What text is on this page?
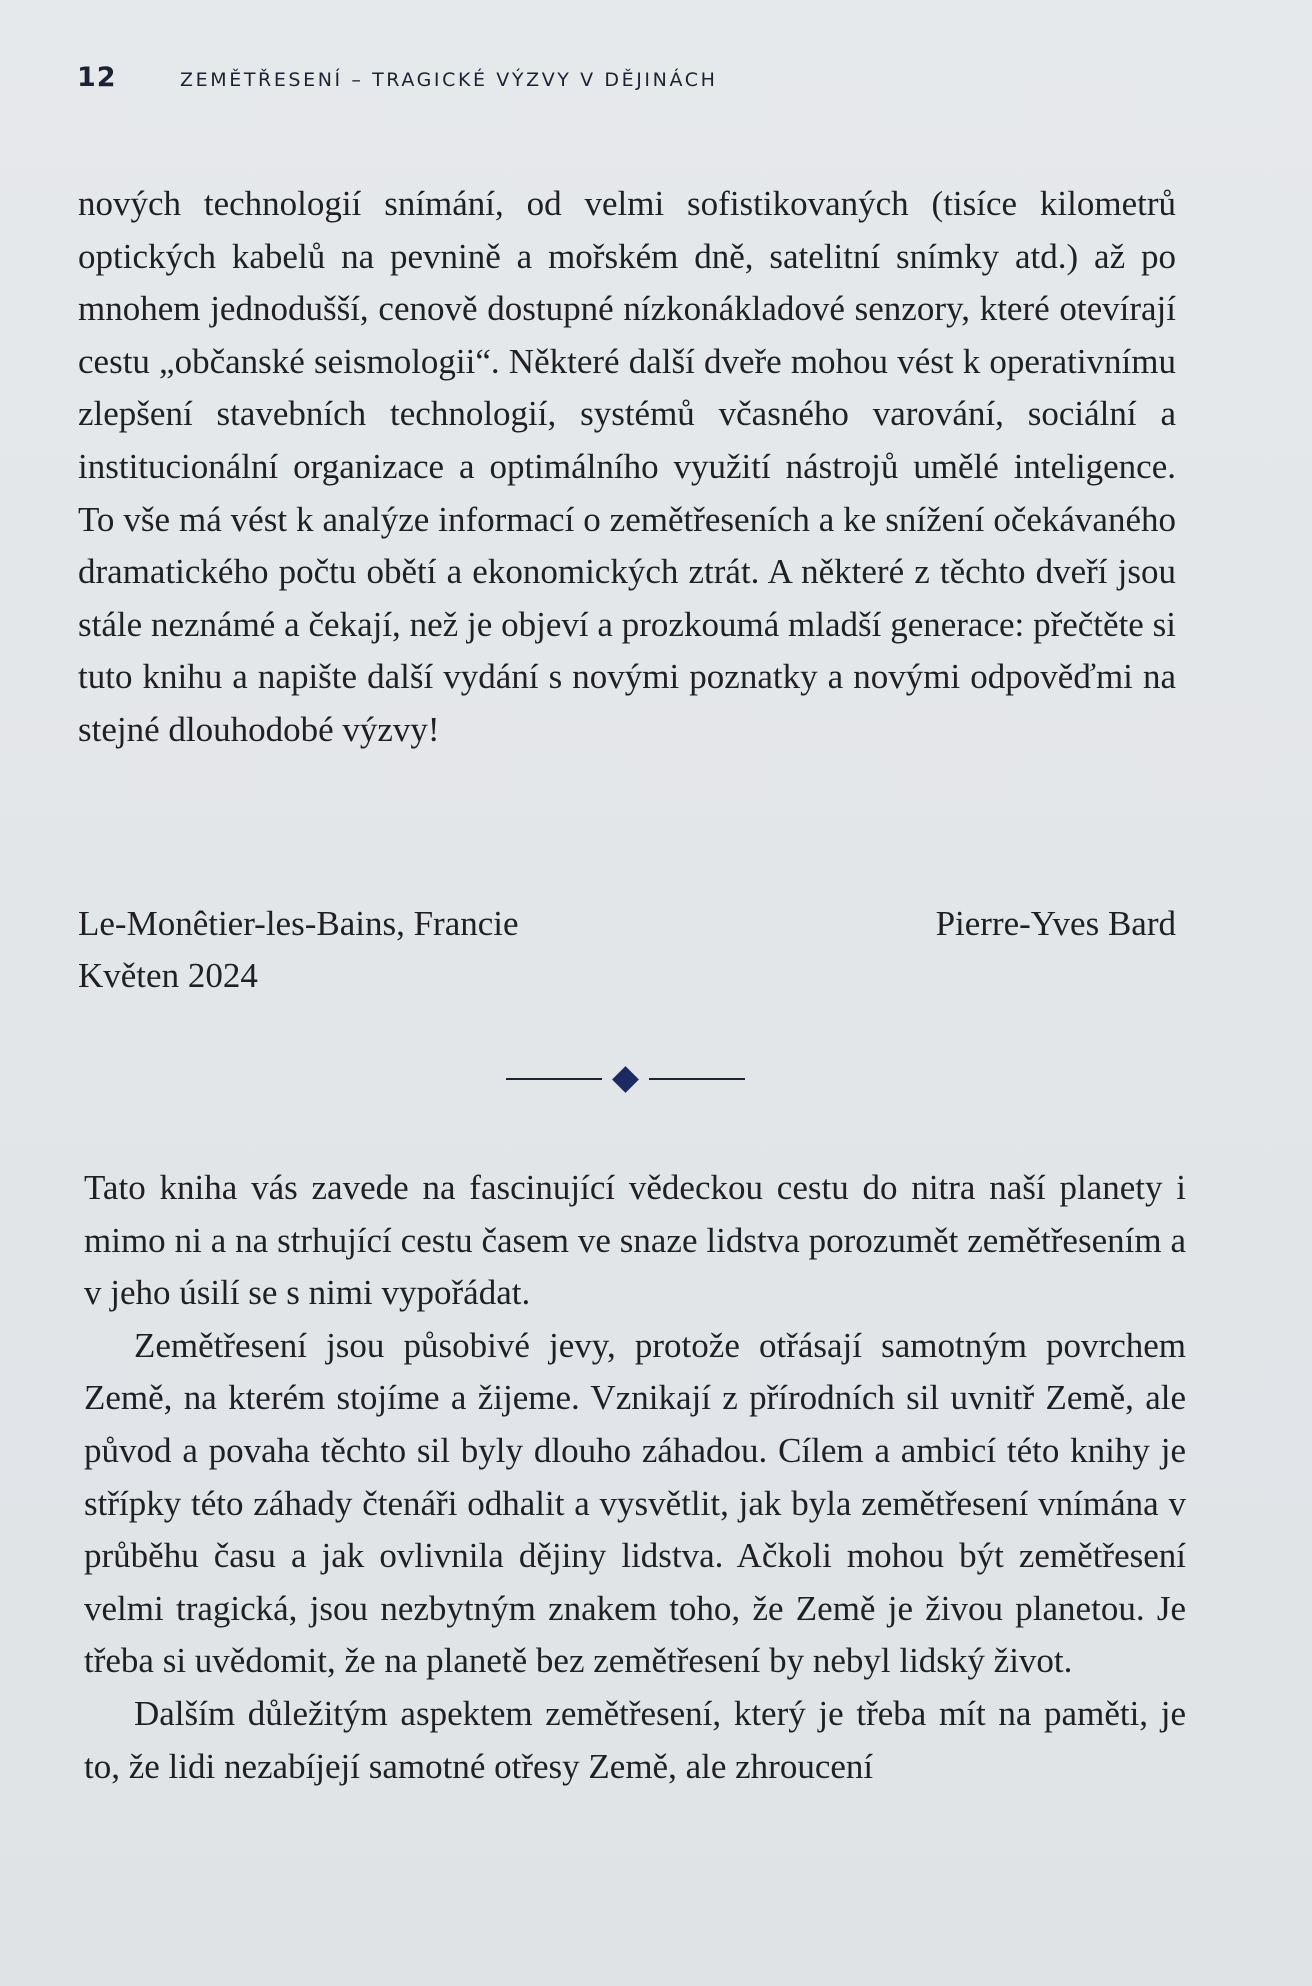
12	ZEMĚTŘESENÍ – TRAGICKÉ VÝZVY V DĚJINÁCH

nových technologií snímání, od velmi sofistikovaných (tisíce kilometrů optických kabelů na pevnině a mořském dně, satelitní snímky atd.) až po mnohem jednodušší, cenově dostupné nízkonákladové senzory, které otevírají cestu „občanské seismologii“. Některé další dveře mohou vést k operativnímu zlepšení stavebních technologií, systémů včasného varování, sociální a institucionální organizace a optimálního využití nástrojů umělé inteligence. To vše má vést k analýze informací o zemětřeseních a ke snížení očekávaného dramatického počtu obětí a ekonomických ztrát. A některé z těchto dveří jsou stále neznámé a čekají, než je objeví a prozkoumá mladší generace: přečtěte si tuto knihu a napište další vydání s novými poznatky a novými odpověďmi na stejné dlouhodobé výzvy!

Le-Monêtier-les-Bains, Francie	Pierre-Yves Bard
Květen 2024

Tato kniha vás zavede na fascinující vědeckou cestu do nitra naší planety i mimo ni a na strhující cestu časem ve snaze lidstva porozumět zemětřesením a v jeho úsilí se s nimi vypořádat.

Zemětřesení jsou působivé jevy, protože otřásají samotným povrchem Země, na kterém stojíme a žijeme. Vznikají z přírodních sil uvnitř Země, ale původ a povaha těchto sil byly dlouho záhadou. Cílem a ambicí této knihy je střípky této záhady čtenáři odhalit a vysvětlit, jak byla zemětřesení vnímána v průběhu času a jak ovlivnila dějiny lidstva. Ačkoli mohou být zemětřesení velmi tragická, jsou nezbytným znakem toho, že Země je živou planetou. Je třeba si uvědomit, že na planetě bez zemětřesení by nebyl lidský život.

Dalším důležitým aspektem zemětřesení, který je třeba mít na paměti, je to, že lidi nezabíjejí samotné otřesy Země, ale zhroucení
